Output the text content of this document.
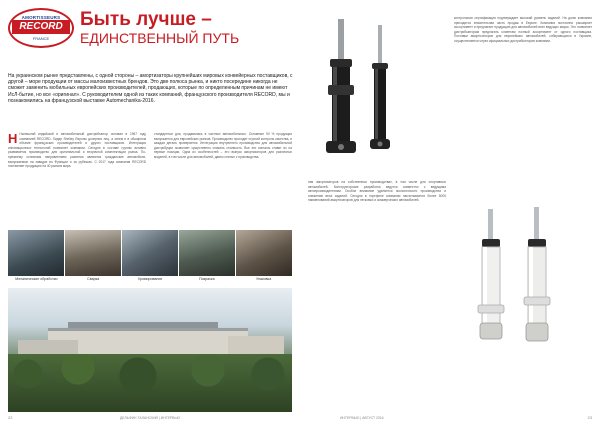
AMORTISSEURS
RECORD
FRANCE
Быть лучше –
ЕДИНСТВЕННЫЙ ПУТЬ
На украинском рынке представлены, с одной стороны – амортизаторы крупнейших мировых конвейерных поставщиков, с другой – море продукции от массы малоизвестных брендов. Это две полюса рынка, и никто посередине никогда не сможет заменить мобильных европейских производителей, продающих, которые по определенным причинам не имеют ИсЛ-бытие, но все «оригинал». С руководителем одной из таких компаний, французского производителя RECORD, мы и познакомились на французской выставке Automechanika-2016.
Н Нынешний индийский и автомобильный дистрибьютор основан в 1967 году компанией RECORD. Лидер Shelley Европы дочерних лиц, а затем и в обширном объеме французских производителей и других поставщиков. Интеграция инновационных технологий позволяет компании. Сегодня в составе группы активно развивается производство для оригинальной и вторичной комплектации рынка. По-прежнему основным направлением развития являются гражданские автомобили, выпускаемые на заводах во Франции и за рубежом. С 2017 года компания RECORD поставляет продукцию на 40 рынков мира.
стандартных для, продавалась в частных автомобильных. Основные 90 % продукции выпускается для европейских рынков. Производство проходит строгий контроль качества, и каждая деталь проверяется. Интеграция внутреннего производства для автомобильной дистрибуции позволяет существенно снижать стоимость. Все эти сигналы ставят их на первые позиции. Одна из особенностей – это выпуск амортизаторов для различных моделей, в том числе для автомобилей, давно снятых с производства.
Механические обработки	Сварка	Хромирование	Покраска	Упаковка
22	ДЕЛЬФИН ТАЛАНСКИЙ | ИНТЕРВЬЮ
ния амортизаторов на собственных производствах, в том числе для спортивных автомобилей. Конструкторские разработки ведутся совместно с ведущими автопроизводителями. Особое внимание уделяется экологичности производства и снижению веса изделий. Сегодня в портфеле компании насчитывается более 5000 наименований амортизаторов для легковых и коммерческих автомобилей.
контрольная сертификация подтверждает высокий уровень изделий. На долю компании приходится значительная часть продаж в Европе. Компания постоянно расширяет ассортимент и предлагает продукцию для автомобилей всех ведущих марок. Это позволяет дистрибьюторам предлагать клиентам полный ассортимент от одного поставщика. Поставки амортизаторов для европейских автомобилей, собирающихся в Украине, осуществляются через официальных дистрибьюторов компании.
ИНТЕРВЬЮ | АВГУСТ 2016	23
